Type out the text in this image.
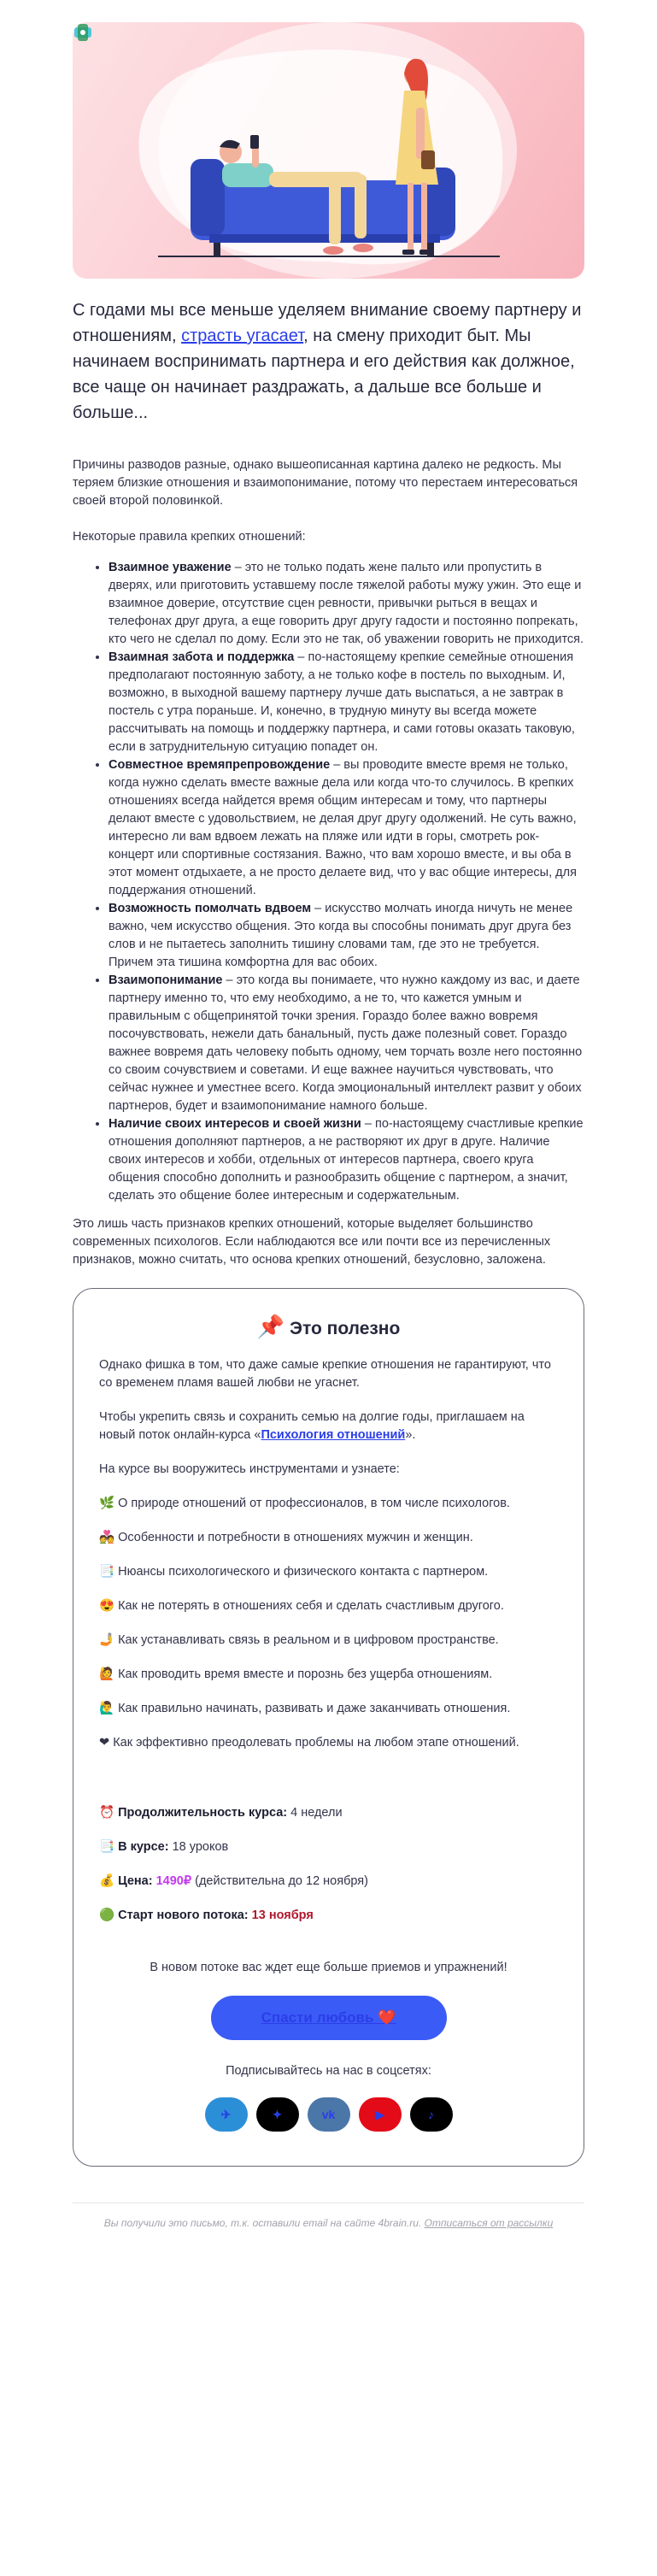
С годами мы все меньше уделяем внимание своему партнеру и отношениям, страсть угасает, на смену приходит быт. Мы начинаем воспринимать партнера и его действия как должное, все чаще он начинает раздражать, а дальше все больше и больше...

Причины разводов разные, однако вышеописанная картина далеко не редкость. Мы теряем близкие отношения и взаимопонимание, потому что перестаем интересоваться своей второй половинкой.

Некоторые правила крепких отношений:

• Взаимное уважение – это не только подать жене пальто или пропустить в дверях, или приготовить уставшему после тяжелой работы мужу ужин. Это еще и взаимное доверие, отсутствие сцен ревности, привычки рыться в вещах и телефонах друг друга, а еще говорить друг другу гадости и постоянно попрекать, кто чего не сделал по дому. Если это не так, об уважении говорить не приходится.
• Взаимная забота и поддержка – по-настоящему крепкие семейные отношения предполагают постоянную заботу, а не только кофе в постель по выходным. И, возможно, в выходной вашему партнеру лучше дать выспаться, а не завтрак в постель с утра пораньше. И, конечно, в трудную минуту вы всегда можете рассчитывать на помощь и поддержку партнера, и сами готовы оказать таковую, если в затруднительную ситуацию попадет он.
• Совместное времяпрепровождение – вы проводите вместе время не только, когда нужно сделать вместе важные дела или когда что-то случилось. В крепких отношениях всегда найдется время общим интересам и тому, что партнеры делают вместе с удовольствием, не делая друг другу одолжений. Не суть важно, интересно ли вам вдвоем лежать на пляже или идти в горы, смотреть рок-концерт или спортивные состязания. Важно, что вам хорошо вместе, и вы оба в этот момент отдыхаете, а не просто делаете вид, что у вас общие интересы, для поддержания отношений.
• Возможность помолчать вдвоем – искусство молчать иногда ничуть не менее важно, чем искусство общения. Это когда вы способны понимать друг друга без слов и не пытаетесь заполнить тишину словами там, где это не требуется. Причем эта тишина комфортна для вас обоих.
• Взаимопонимание – это когда вы понимаете, что нужно каждому из вас, и даете партнеру именно то, что ему необходимо, а не то, что кажется умным и правильным с общепринятой точки зрения. Гораздо более важно вовремя посочувствовать, нежели дать банальный, пусть даже полезный совет. Гораздо важнее вовремя дать человеку побыть одному, чем торчать возле него постоянно со своим сочувствием и советами. И еще важнее научиться чувствовать, что сейчас нужнее и уместнее всего. Когда эмоциональный интеллект развит у обоих партнеров, будет и взаимопонимание намного больше.
• Наличие своих интересов и своей жизни – по-настоящему счастливые крепкие отношения дополняют партнеров, а не растворяют их друг в друге. Наличие своих интересов и хобби, отдельных от интересов партнера, своего круга общения способно дополнить и разнообразить общение с партнером, а значит, сделать это общение более интересным и содержательным.

Это лишь часть признаков крепких отношений, которые выделяет большинство современных психологов. Если наблюдаются все или почти все из перечисленных признаков, можно считать, что основа крепких отношений, безусловно, заложена.

📌 Это полезно

Однако фишка в том, что даже самые крепкие отношения не гарантируют, что со временем пламя вашей любви не угаснет.

Чтобы укрепить связь и сохранить семью на долгие годы, приглашаем на новый поток онлайн-курса «Психология отношений».

На курсе вы вооружитесь инструментами и узнаете:

🌿 О природе отношений от профессионалов, в том числе психологов.
💑 Особенности и потребности в отношениях мужчин и женщин.
📑 Нюансы психологического и физического контакта с партнером.
😍 Как не потерять в отношениях себя и сделать счастливым другого.
🤳 Как устанавливать связь в реальном и в цифровом пространстве.
🙋 Как проводить время вместе и порознь без ущерба отношениям.
🙋‍♂️ Как правильно начинать, развивать и даже заканчивать отношения.
❤ Как эффективно преодолевать проблемы на любом этапе отношений.
⏰ Продолжительность курса: 4 недели
📑 В курсе: 18 уроков
💰 Цена: 1490₽ (действительна до 12 ноября)
🟢 Старт нового потока: 13 ноября

В новом потоке вас ждет еще больше приемов и упражнений!

Спасти любовь ❤️

Подписывайтесь на нас в соцсетях:

✈	✦	vk	▶	♪

Вы получили это письмо, т.к. оставили email на сайте 4brain.ru. Отписаться от рассылки
